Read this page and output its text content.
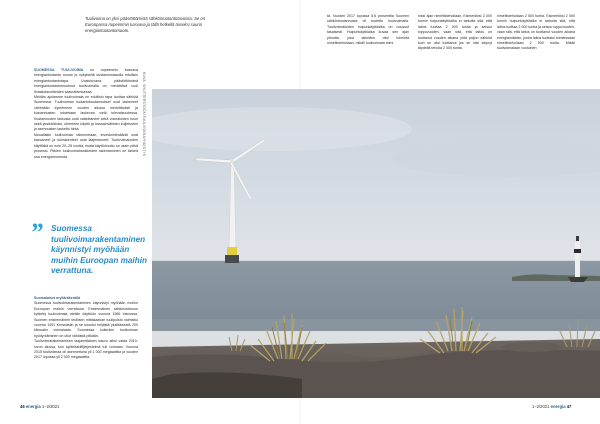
Tuulivoima on yksi päästöttömistä sähköntuotantotavoista. Se on Euroopassa nopeimmin kasvava ja tällä hetkellä toiseksi suurin energiantuotantomuoto.
KUVA: SHUTTERSTOCK/TUULIVOIMAYHDISTYS

SUOMESSA TUULIVOIMA on nopeimmin kasvava energiantuotanto muoto ja nykyisellä kustannustasolla edullisin energiantuotantotapa. Uusiutuvana, päästöttömänä energiantuotantomuotona tuulivoimalla on merkittävä rooli ilmastotavoitteiden saavuttamisessa.

Meidän ajoiamme tuulivoimala on edullisin tapa tuottaa sähköä Suomessa. Tuulivoiman tuotantokustannukset ovat laskeneet vähintään kymmenen vuoden aikana merkittävästi ja kustannusten odotetaan laskevan vielä tulevaisuudessa. Kustannusten laskusta ovat vaikuttaneet sekä voimaloiden koon sekä yksikkökoko, ohenteen käyttö ja kansainvälisten kuljetusten ja asennusten laskettu hinta.

Muuallakin tuulivoimaa rakennetaan, investointimäärät ovat kasvaneet ja tukirakenteet ovat laajentuneet. Tuulivoimaloiden käyttöikä on noin 20–25 vuotta, mutta käyttöönotto on usein pitkä prosessi. Pitkien tuulivoimahankkeiden rakentaminen on tärkeä osa energiamurrosta.

” Suomessa tuulivoimarakentaminen käynnistyi myöhään muihin Euroopan maihin verrattuna.

Suomalaiset mylläräkerällä

Suomessa tuulivoimarakentaminen käynnistyi myöhään muihin Euroopan maihin verrattuna. Ensimmäinen sähköverkkoon kytketty tuulivoimala otettiin käyttöön vuonna 1986 Inkoossa. Suomen ensimmäinen teollisen mittakaavan tuulipuisto valmistui vuonna 1991 Korsnäsiin ja se koostui neljästä yksittäisestä 200 kilowatin voimalasta. Suomessa kuitenkin tuulivoiman hyödyntäminen on ollut vähäistä pitkään.

Tuulivoimarakentamisen laajamittainen kasvu alkoi vasta 2010-luvun alussa, kun syöttötariffijärjestelmä tuli voimaan. Vuonna 2015 tuulivoimaa oli asennettuna yli 1 000 megawattia ja vuoden 2017 lopussa yli 2 000 megawattia.

tä. Vuoden 2017 lopussa 5,6 prosenttia Suomen sähköntuotannosta oli tuotettu tuulivoimalla. Tuulivoimaloiden huipunkäyttöaika on noussut tasaisesti. Huipunkäyttöaika kuvaa sen ajan pituutta, joka laitosten olisi toiminta nimellistehollaan, mikäli tuulivoimala toimi

nissi ajan nimellistehollaan. Esimerkiksi 2 000 tunnin huipunkäyttöaika ei tarkoita sitä, että laitos tuottaa 2 000 tuntia ja seisoo loppuvuoden, vaan sitä, että laitos on tuottanut vuoden aikana yhtä paljon sähköä kuin se olisi tuottanut jos se olisi käynyt täydellä teholla 2 000 tuntia.

nimellistehollaan 2 500 tuntia. Esimerkiksi 2 000 tunnin huipunkäyttöaika ei tarkoita sitä, että laitos tuottaa 2 000 tuntia ja seisoo loppuvuoden, vaan sitä, että laitos on tuottanut vuoden aikana energiamäärän, jonka laitos tuottaisi toimiessaan nimellistehollaan 2 500 tuntia. Mikäli tuulivoimalaan vuotuinen

46 energia 1–2/2021	1–2/2021 energia 47
